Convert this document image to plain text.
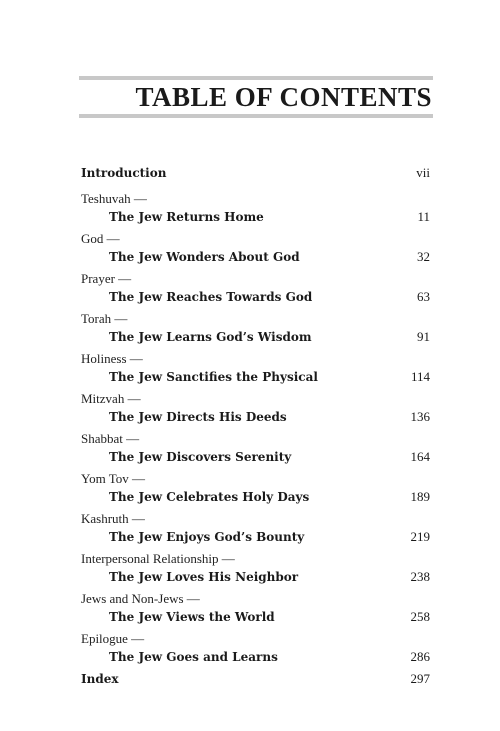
TABLE OF CONTENTS
Introduction	vii
Teshuvah —
The Jew Returns Home	11
God —
The Jew Wonders About God	32
Prayer —
The Jew Reaches Towards God	63
Torah —
The Jew Learns God’s Wisdom	91
Holiness —
The Jew Sanctifies the Physical	114
Mitzvah —
The Jew Directs His Deeds	136
Shabbat —
The Jew Discovers Serenity	164
Yom Tov —
The Jew Celebrates Holy Days	189
Kashruth —
The Jew Enjoys God’s Bounty	219
Interpersonal Relationship —
The Jew Loves His Neighbor	238
Jews and Non-Jews —
The Jew Views the World	258
Epilogue —
The Jew Goes and Learns	286
Index	297
